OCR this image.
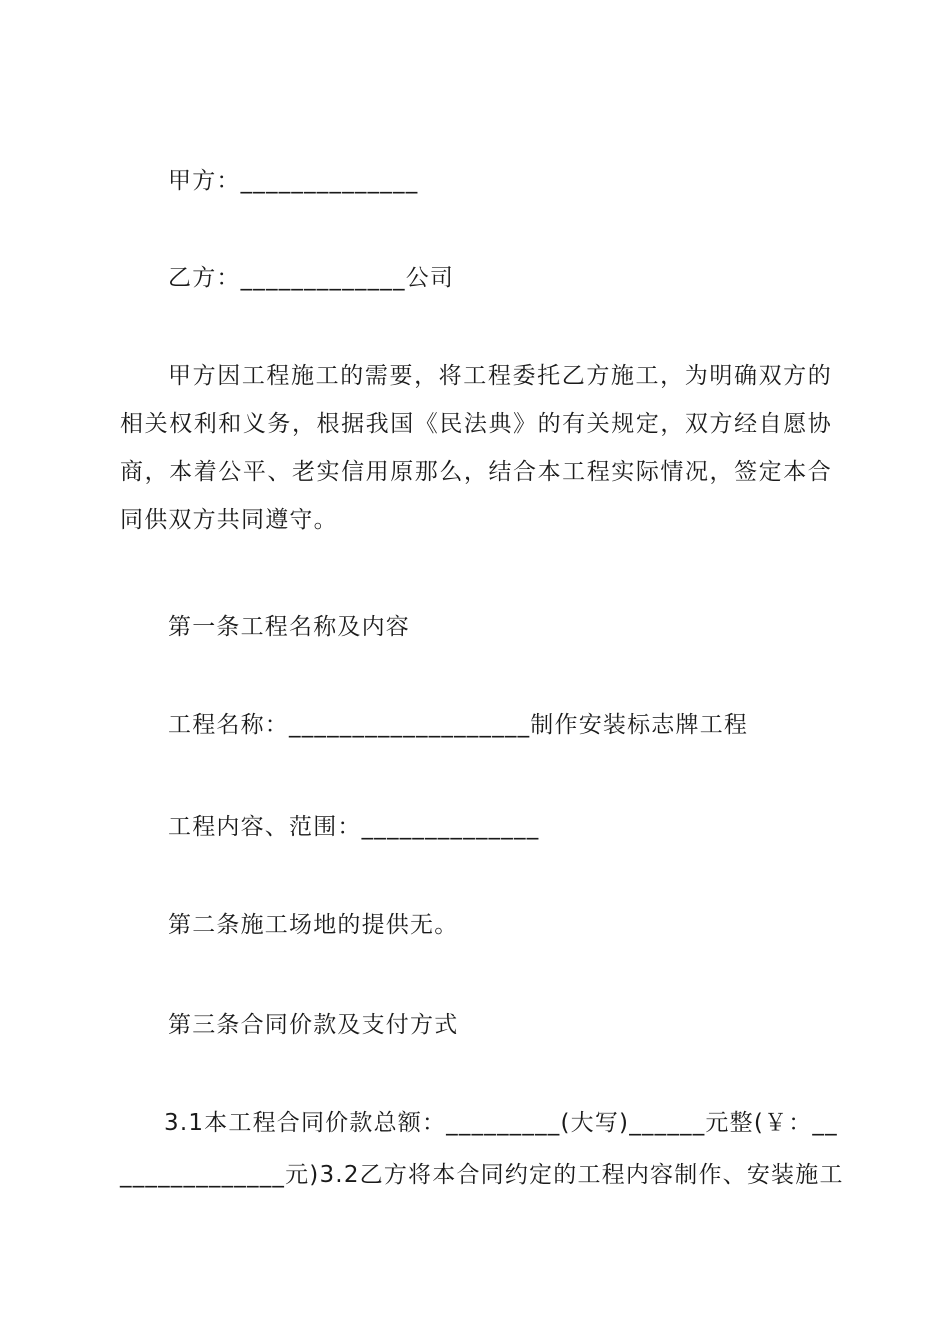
甲方：______________
乙方：_____________公司
甲方因工程施工的需要，将工程委托乙方施工，为明确双方的相关权利和义务，根据我国《民法典》的有关规定，双方经自愿协商，本着公平、老实信用原那么，结合本工程实际情况，签定本合同供双方共同遵守。
第一条工程名称及内容
工程名称：___________________制作安装标志牌工程
工程内容、范围：______________
第二条施工场地的提供无。
第三条合同价款及支付方式
3.1本工程合同价款总额：_________(大写)______元整(￥：__
_____________元)3.2乙方将本合同约定的工程内容制作、安装施工
